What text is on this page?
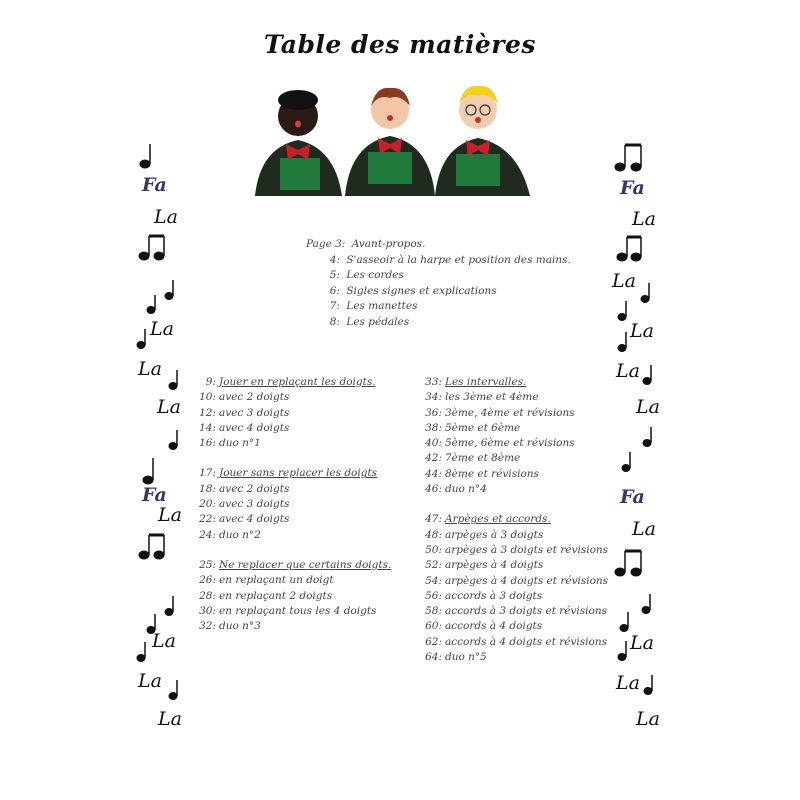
Table des matières
Page 3: Avant-propos.
4: S'asseoir à la harpe et position des mains.
5: Les cordes
6: Sigles signes et explications
7: Les manettes
8: Les pédales
9: Jouer en replaçant les doigts.
10: avec 2 doigts
12: avec 3 doigts
14: avec 4 doigts
16: duo n°1
17: Jouer sans replacer les doigts
18: avec 2 doigts
20: avec 3 doigts
22: avec 4 doigts
24: duo n°2
25: Ne replacer que certains doigts.
26: en replaçant un doigt
28: en replaçant 2 doigts
30: en replaçant tous les 4 doigts
32: duo n°3
33: Les intervalles.
34: les 3ème et 4ème
36: 3ème, 4ème et révisions
38: 5ème et 6ème
40: 5ème, 6ème et révisions
42: 7ème et 8ème
44: 8ème et révisions
46: duo n°4
47: Arpèges et accords.
48: arpèges à 3 doigts
50: arpèges à 3 doigts et révisions
52: arpèges à 4 doigts
54: arpèges à 4 doigts et révisions
56: accords à 3 doigts
58: accords à 3 doigts et révisions
60: accords à 4 doigts
62: accords à 4 doigts et révisions
64: duo n°5
Fa
La
La
La
La
Fa
La
La
La
La
Fa
La
La
La
La
La
Fa
La
La
La
La
